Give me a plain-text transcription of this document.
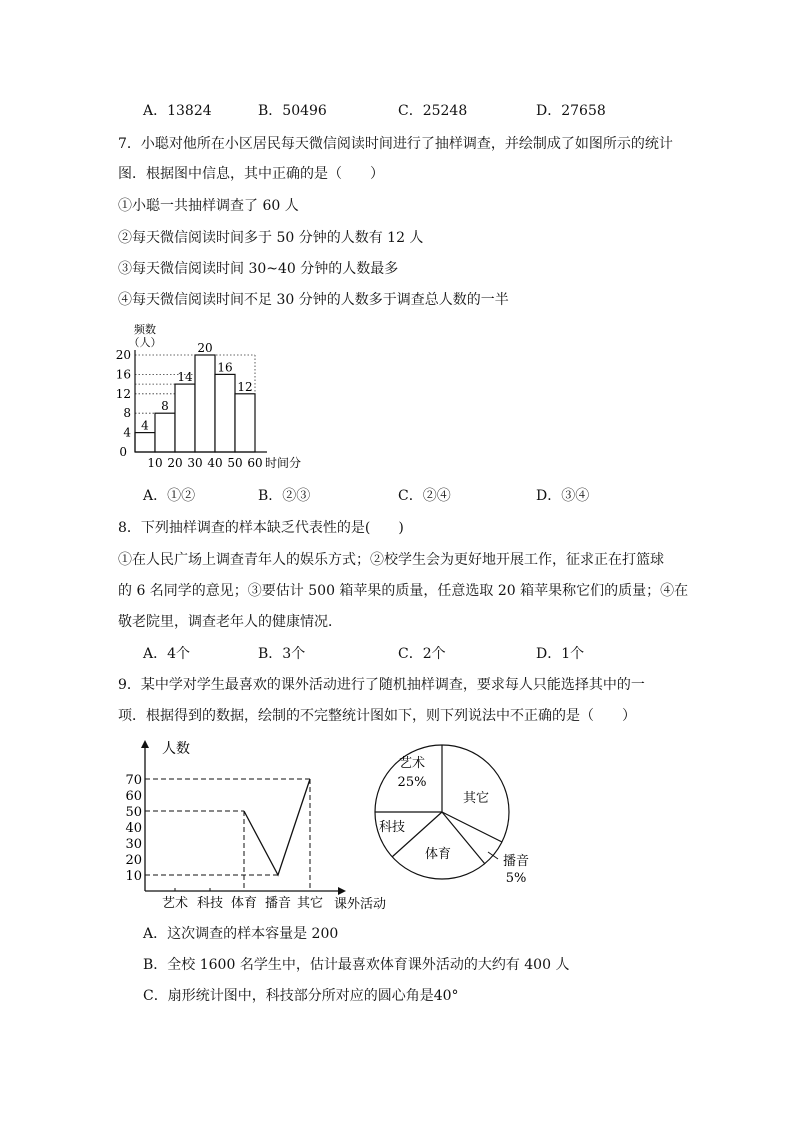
A．13824	B．50496	C．25248	D．27658
7．小聪对他所在小区居民每天微信阅读时间进行了抽样调查，并绘制成了如图所示的统计
图．根据图中信息，其中正确的是（　　）
①小聪一共抽样调查了 60 人
②每天微信阅读时间多于 50 分钟的人数有 12 人
③每天微信阅读时间 30~40 分钟的人数最多
④每天微信阅读时间不足 30 分钟的人数多于调查总人数的一半
频数
（人）
4
8
14
20
16
12
4
8
12
16
20
0
10 20 30 40 50 60 时间分
A．①②	B．②③	C．②④	D．③④
8．下列抽样调查的样本缺乏代表性的是(　　)
①在人民广场上调查青年人的娱乐方式；②校学生会为更好地开展工作，征求正在打篮球
的 6 名同学的意见；③要估计 500 箱苹果的质量，任意选取 20 箱苹果称它们的质量；④在
敬老院里，调查老年人的健康情况．
A．4个	B．3个	C．2个	D．1个
9．某中学对学生最喜欢的课外活动进行了随机抽样调查，要求每人只能选择其中的一
项．根据得到的数据，绘制的不完整统计图如下，则下列说法中不正确的是（　　）
人数
10
20
30
40
50
60
70
艺术 科技 体育 播音 其它 课外活动
艺术
25%
其它
科技
体育	播音
5%
A．这次调查的样本容量是 200
B．全校 1600 名学生中，估计最喜欢体育课外活动的大约有 400 人
C．扇形统计图中，科技部分所对应的圆心角是40°
